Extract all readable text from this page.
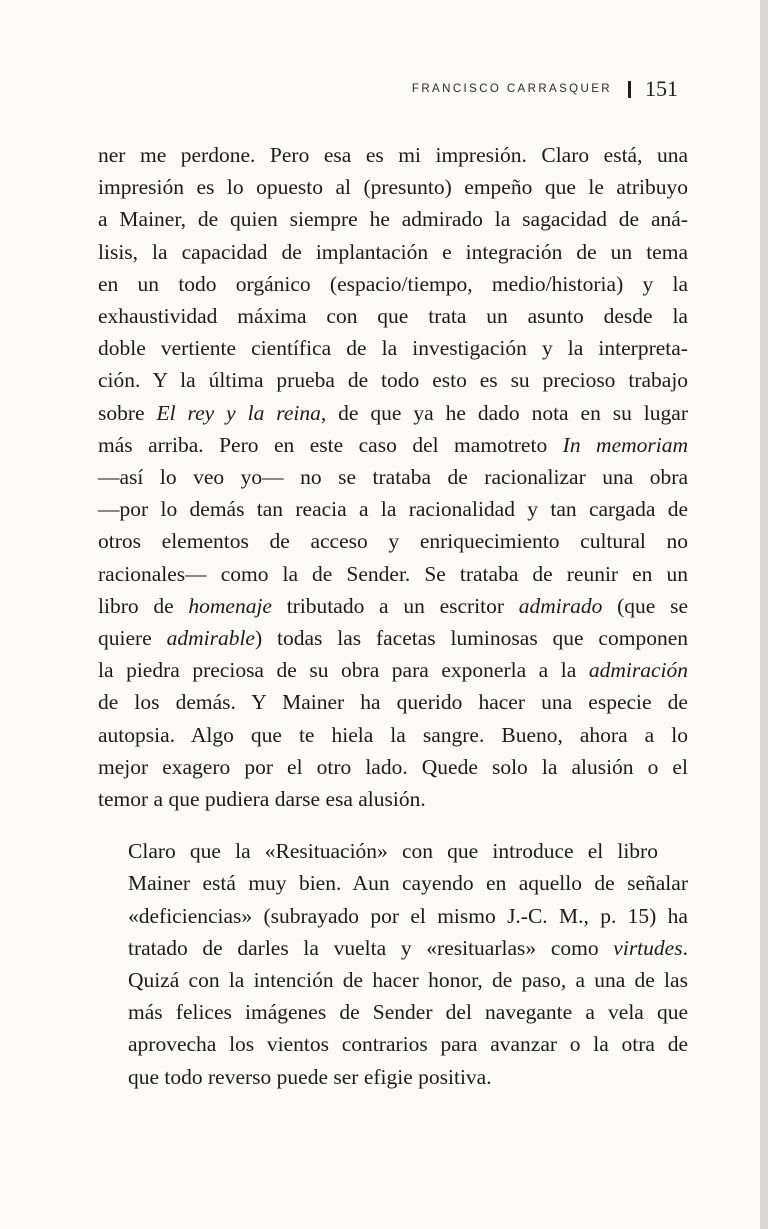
FRANCISCO CARRASQUER 151

ner me perdone. Pero esa es mi impresión. Claro está, una
impresión es lo opuesto al (presunto) empeño que le atribuyo
a Mainer, de quien siempre he admirado la sagacidad de aná-
lisis, la capacidad de implantación e integración de un tema
en un todo orgánico (espacio/tiempo, medio/historia) y la
exhaustividad máxima con que trata un asunto desde la
doble vertiente científica de la investigación y la interpreta-
ción. Y la última prueba de todo esto es su precioso trabajo
sobre El rey y la reina, de que ya he dado nota en su lugar
más arriba. Pero en este caso del mamotreto In memoriam
—así lo veo yo— no se trataba de racionalizar una obra
—por lo demás tan reacia a la racionalidad y tan cargada de
otros elementos de acceso y enriquecimiento cultural no
racionales— como la de Sender. Se trataba de reunir en un
libro de homenaje tributado a un escritor admirado (que se
quiere admirable) todas las facetas luminosas que componen
la piedra preciosa de su obra para exponerla a la admiración
de los demás. Y Mainer ha querido hacer una especie de
autopsia. Algo que te hiela la sangre. Bueno, ahora a lo
mejor exagero por el otro lado. Quede solo la alusión o el
temor a que pudiera darse esa alusión.

Claro que la «Resituación» con que introduce el libro
Mainer está muy bien. Aun cayendo en aquello de señalar
«deficiencias» (subrayado por el mismo J.-C. M., p. 15) ha
tratado de darles la vuelta y «resituarlas» como virtudes.
Quizá con la intención de hacer honor, de paso, a una de las
más felices imágenes de Sender del navegante a vela que
aprovecha los vientos contrarios para avanzar o la otra de
que todo reverso puede ser efigie positiva.
